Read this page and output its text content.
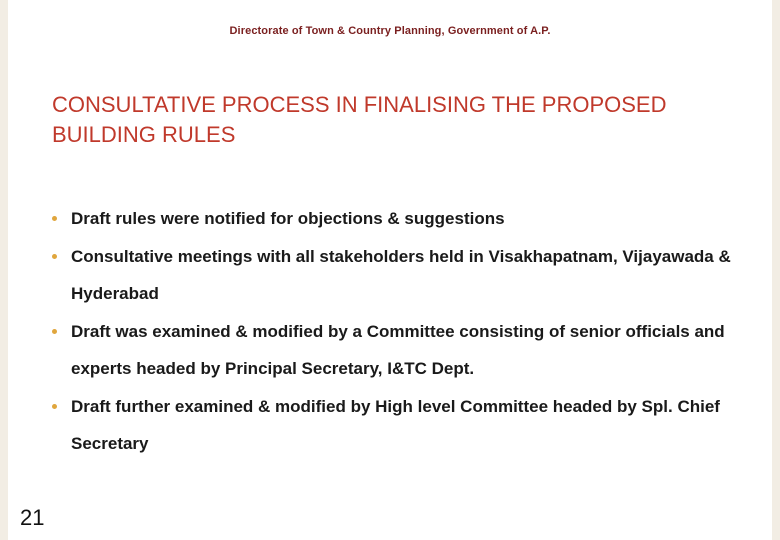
Directorate of Town & Country Planning, Government of A.P.
CONSULTATIVE PROCESS IN FINALISING THE PROPOSED BUILDING RULES
Draft rules were notified for objections & suggestions
Consultative meetings with all stakeholders held in Visakhapatnam, Vijayawada & Hyderabad
Draft was examined & modified by a Committee consisting of senior officials and experts headed by Principal Secretary, I&TC Dept.
Draft further examined & modified by High level Committee headed by Spl. Chief Secretary
21
